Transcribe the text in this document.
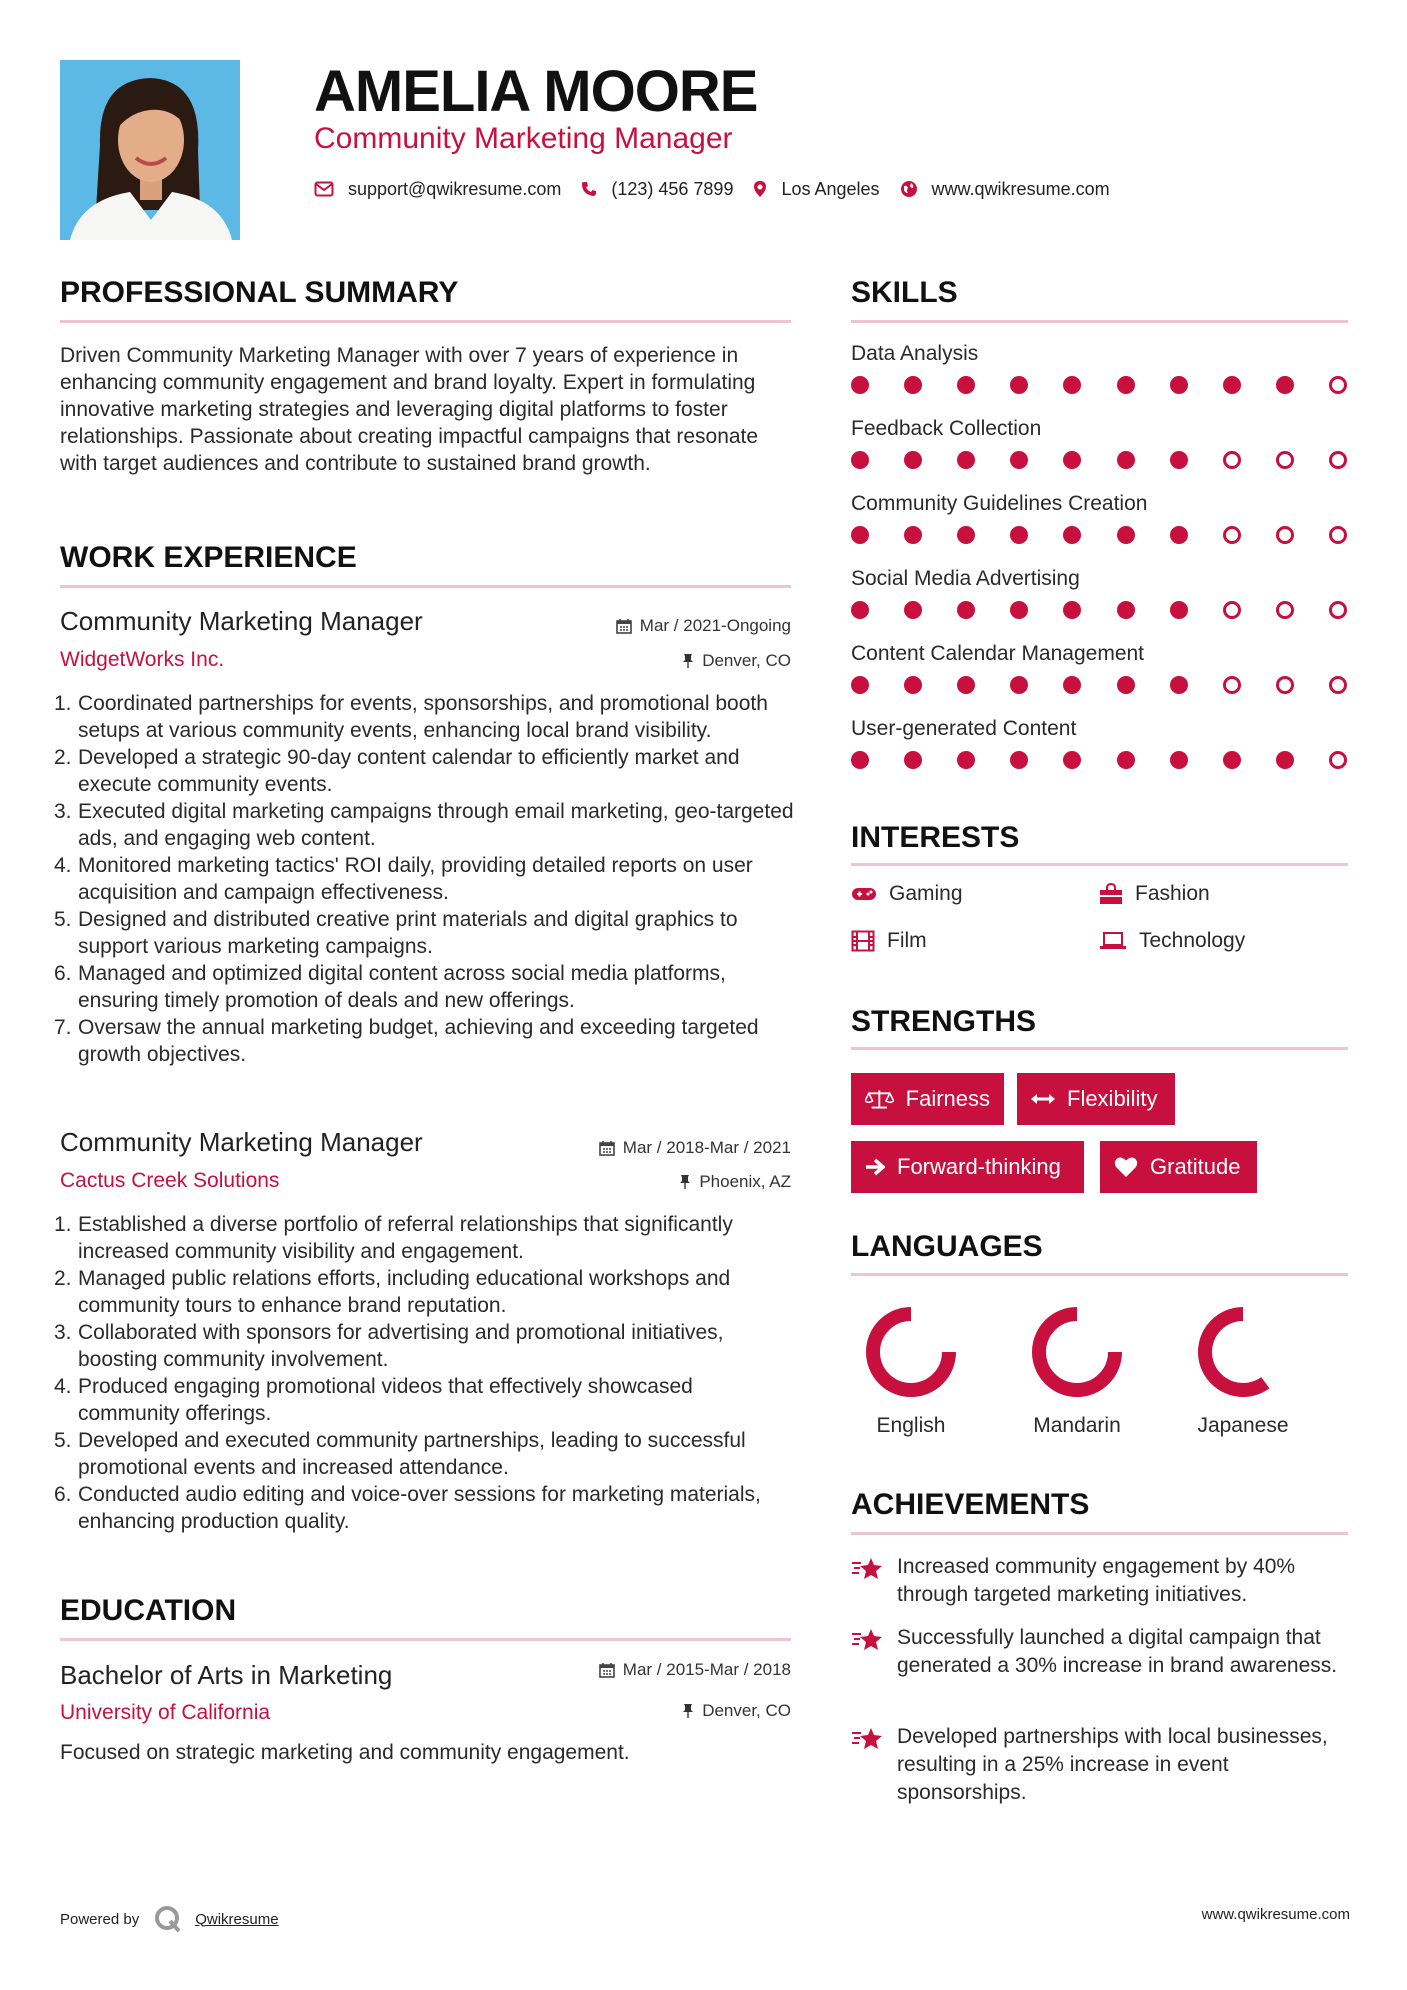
AMELIA MOORE
Community Marketing Manager
support@qwikresume.com	(123) 456 7899	Los Angeles	www.qwikresume.com
PROFESSIONAL SUMMARY
Driven Community Marketing Manager with over 7 years of experience in enhancing community engagement and brand loyalty. Expert in formulating innovative marketing strategies and leveraging digital platforms to foster relationships. Passionate about creating impactful campaigns that resonate with target audiences and contribute to sustained brand growth.
WORK EXPERIENCE
Community Marketing Manager	Mar / 2021-Ongoing
WidgetWorks Inc.	Denver, CO
1. Coordinated partnerships for events, sponsorships, and promotional booth setups at various community events, enhancing local brand visibility.
2. Developed a strategic 90-day content calendar to efficiently market and execute community events.
3. Executed digital marketing campaigns through email marketing, geo-targeted ads, and engaging web content.
4. Monitored marketing tactics' ROI daily, providing detailed reports on user acquisition and campaign effectiveness.
5. Designed and distributed creative print materials and digital graphics to support various marketing campaigns.
6. Managed and optimized digital content across social media platforms, ensuring timely promotion of deals and new offerings.
7. Oversaw the annual marketing budget, achieving and exceeding targeted growth objectives.
Community Marketing Manager	Mar / 2018-Mar / 2021
Cactus Creek Solutions	Phoenix, AZ
1. Established a diverse portfolio of referral relationships that significantly increased community visibility and engagement.
2. Managed public relations efforts, including educational workshops and community tours to enhance brand reputation.
3. Collaborated with sponsors for advertising and promotional initiatives, boosting community involvement.
4. Produced engaging promotional videos that effectively showcased community offerings.
5. Developed and executed community partnerships, leading to successful promotional events and increased attendance.
6. Conducted audio editing and voice-over sessions for marketing materials, enhancing production quality.
EDUCATION
Bachelor of Arts in Marketing	Mar / 2015-Mar / 2018
University of California	Denver, CO
Focused on strategic marketing and community engagement.
SKILLS
Data Analysis
Feedback Collection
Community Guidelines Creation
Social Media Advertising
Content Calendar Management
User-generated Content
INTERESTS
Gaming	Fashion
Film	Technology
STRENGTHS
Fairness	Flexibility
Forward-thinking	Gratitude
LANGUAGES
English	Mandarin	Japanese
ACHIEVEMENTS
Increased community engagement by 40% through targeted marketing initiatives.
Successfully launched a digital campaign that generated a 30% increase in brand awareness.
Developed partnerships with local businesses, resulting in a 25% increase in event sponsorships.
Powered by	Qwikresume	www.qwikresume.com
